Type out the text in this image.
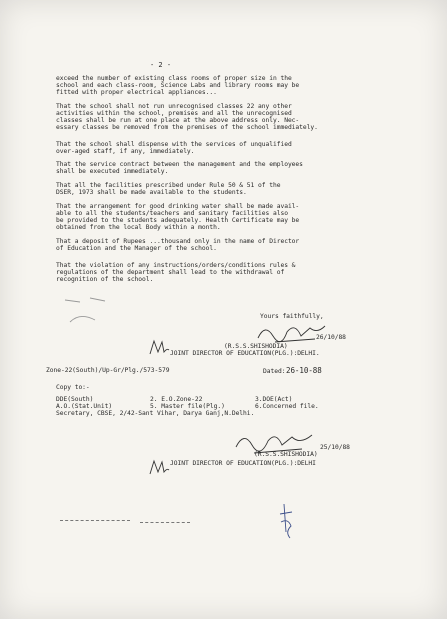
- 2 -
exceed the number of existing class rooms of proper size in the
school and each class-room, Science Labs and library rooms may be
fitted with proper electrical appliances...
That the school shall not run unrecognised classes 22 any other
activities within the school, premises and all the unrecognised
classes shall be run at one place at the above address only. Nec-
essary classes be removed from the premises of the school immediately.
That the school shall dispense with the services of unqualified
over-aged staff, if any, immediately.
That the service contract between the management and the employees
shall be executed immediately.
That all the facilities prescribed under Rule 50 & 51 of the
DSER, 1973 shall be made available to the students.
That the arrangement for good drinking water shall be made avail-
able to all the students/teachers and sanitary facilities also
be provided to the students adequately. Health Certificate may be
obtained from the local Body within a month.
That a deposit of Rupees ...thousand only in the name of Director
of Education and the Manager of the school.
That the violation of any instructions/orders/conditions rules &
regulations of the department shall lead to the withdrawal of
recognition of the school.
Yours faithfully,
26/10/88
(R.S.S.SHISHODIA)
JOINT DIRECTOR OF EDUCATION(PLG.):DELHI.
Zone-22(South)/Up-Gr/Plg./573-579	Dated: 26-10-88
Copy to:-
DDE(South)	2. E.O.Zone-22	3.DOE(Act)
A.O.(Stat.Unit)	5. Master file(Plg.)	6.Concerned file.
Secretary, CBSE, 2/42-Sant Vihar, Darya Ganj,N.Delhi.
25/10/88
(R.S.S.SHISHODIA)
JOINT DIRECTOR OF EDUCATION(PLG.):DELHI
